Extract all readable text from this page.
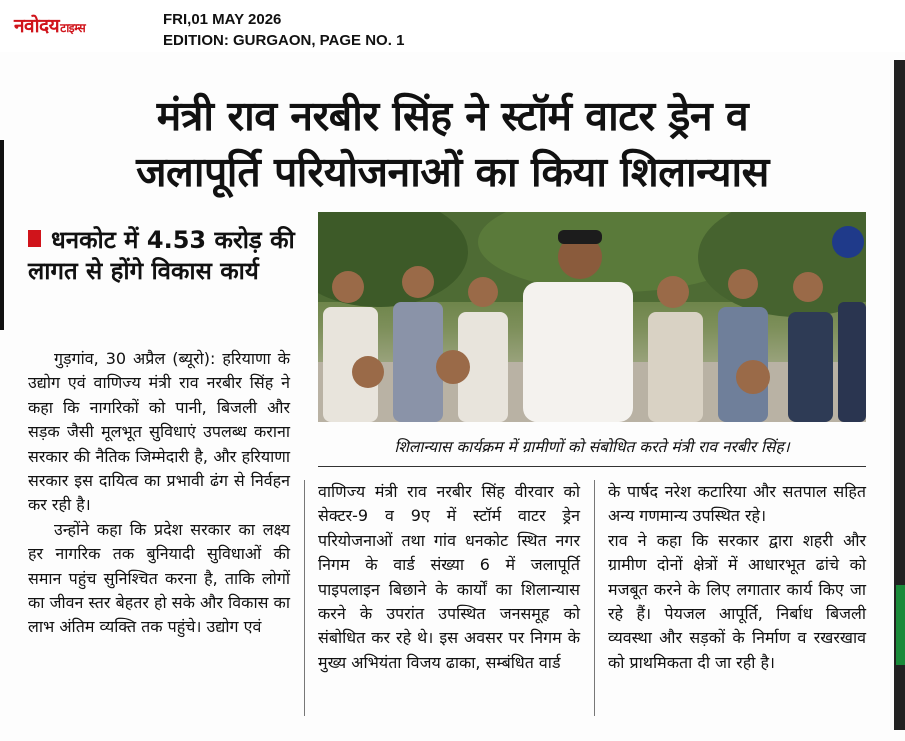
नवोदयटाइम्स	FRI,01 MAY 2026
EDITION: GURGAON, PAGE NO. 1
मंत्री राव नरबीर सिंह ने स्टॉर्म वाटर ड्रेन व
जलापूर्ति परियोजनाओं का किया शिलान्यास
धनकोट में 4.53 करोड़ की लागत से होंगे विकास कार्य
शिलान्यास कार्यक्रम में ग्रामीणों को संबोधित करते मंत्री राव नरबीर सिंह।

गुड़गांव, 30 अप्रैल (ब्यूरो): हरियाणा के उद्योग एवं वाणिज्य मंत्री राव नरबीर सिंह ने कहा कि नागरिकों को पानी, बिजली और सड़क जैसी मूलभूत सुविधाएं उपलब्ध कराना सरकार की नैतिक जिम्मेदारी है, और हरियाणा सरकार इस दायित्व का प्रभावी ढंग से निर्वहन कर रही है।

उन्होंने कहा कि प्रदेश सरकार का लक्ष्य हर नागरिक तक बुनियादी सुविधाओं की समान पहुंच सुनिश्चित करना है, ताकि लोगों का जीवन स्तर बेहतर हो सके और विकास का लाभ अंतिम व्यक्ति तक पहुंचे। उद्योग एवं

वाणिज्य मंत्री राव नरबीर सिंह वीरवार को सेक्टर-9 व 9ए में स्टॉर्म वाटर ड्रेन परियोजनाओं तथा गांव धनकोट स्थित नगर निगम के वार्ड संख्या 6 में जलापूर्ति पाइपलाइन बिछाने के कार्यों का शिलान्यास करने के उपरांत उपस्थित जनसमूह को संबोधित कर रहे थे। इस अवसर पर निगम के मुख्य अभियंता विजय ढाका, सम्बंधित वार्ड

के पार्षद नरेश कटारिया और सतपाल सहित अन्य गणमान्य उपस्थित रहे।

राव ने कहा कि सरकार द्वारा शहरी और ग्रामीण दोनों क्षेत्रों में आधारभूत ढांचे को मजबूत करने के लिए लगातार कार्य किए जा रहे हैं। पेयजल आपूर्ति, निर्बाध बिजली व्यवस्था और सड़कों के निर्माण व रखरखाव को प्राथमिकता दी जा रही है।
